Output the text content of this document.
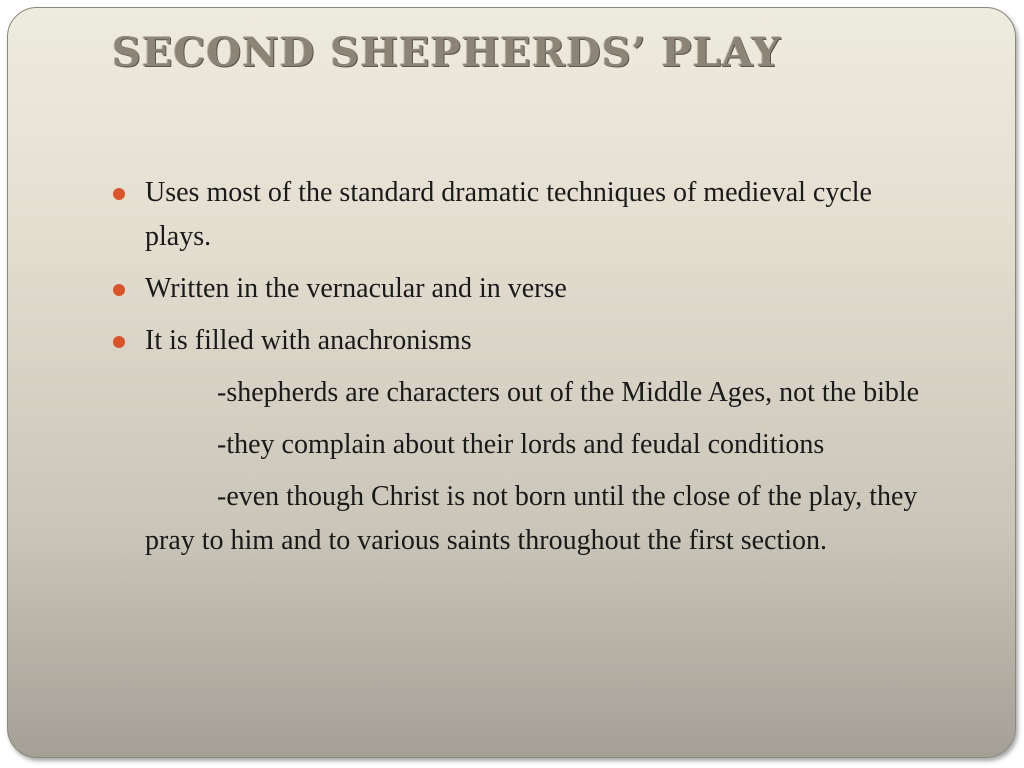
SECOND SHEPHERDS’ PLAY
Uses most of the standard dramatic techniques of medieval cycle plays.
Written in the vernacular and in verse
It is filled with anachronisms
-shepherds are characters out of the Middle Ages, not the bible
-they complain about their lords and feudal conditions
-even though Christ is not born until the close of the play, they pray to him and to various saints throughout the first section.
